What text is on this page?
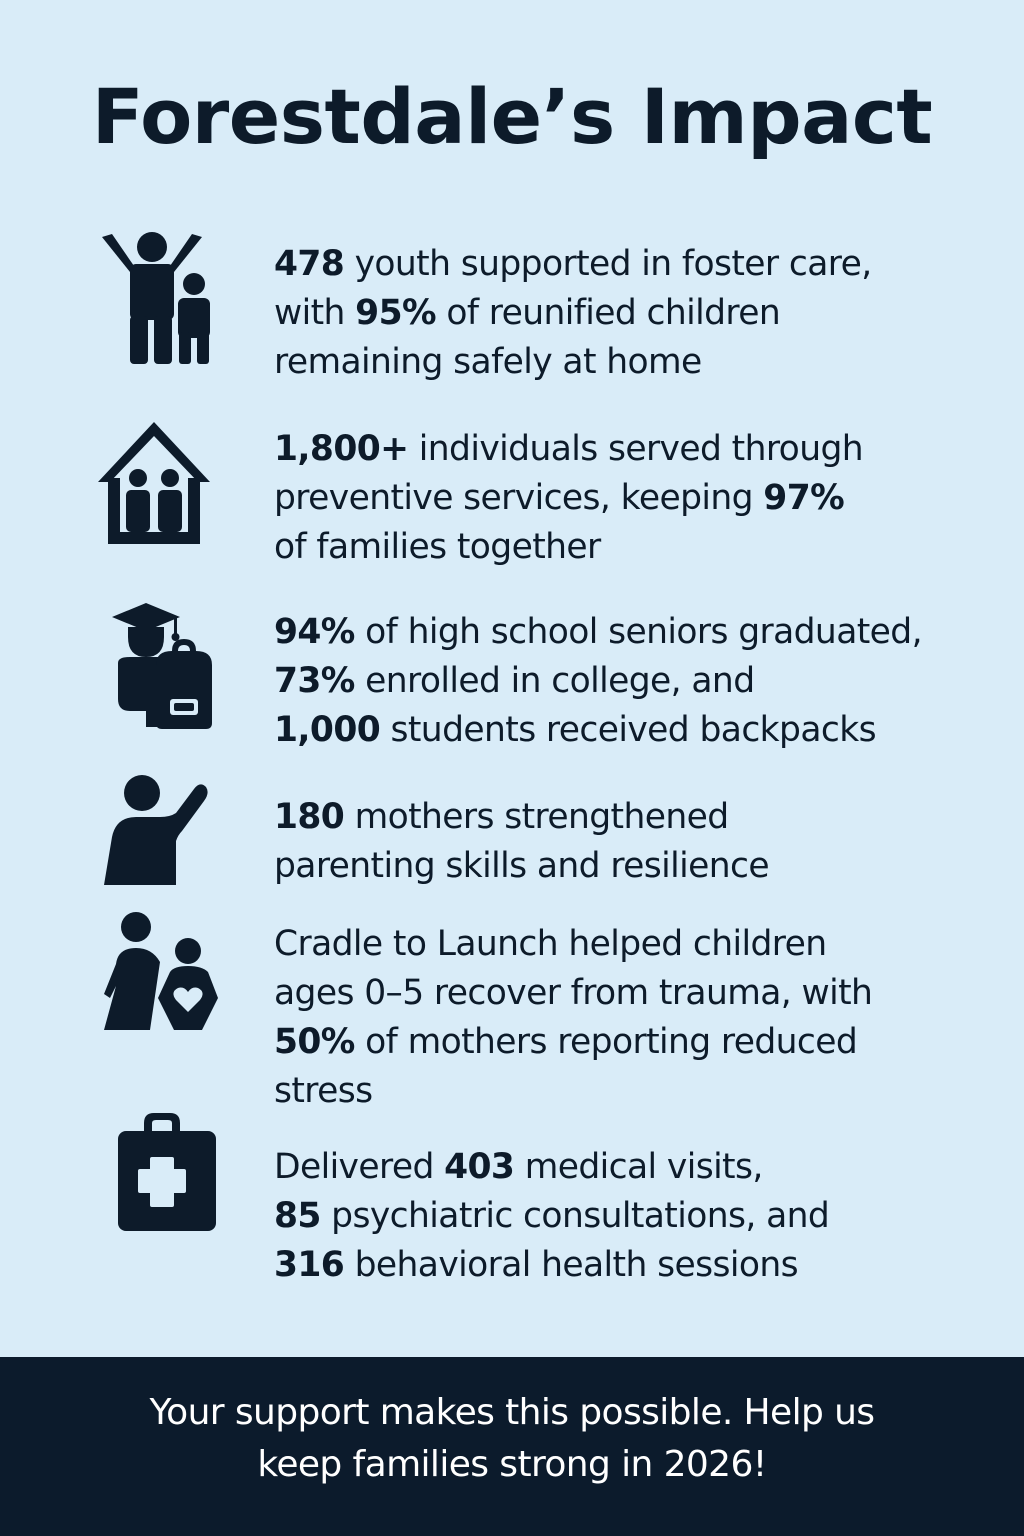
Forestdale’s Impact

478 youth supported in foster care,
with 95% of reunified children
remaining safely at home

1,800+ individuals served through
preventive services, keeping 97%
of families together

94% of high school seniors graduated,
73% enrolled in college, and
1,000 students received backpacks

180 mothers strengthened
parenting skills and resilience

Cradle to Launch helped children
ages 0–5 recover from trauma, with
50% of mothers reporting reduced
stress

Delivered 403 medical visits,
85 psychiatric consultations, and
316 behavioral health sessions

Your support makes this possible. Help us
keep families strong in 2026!
